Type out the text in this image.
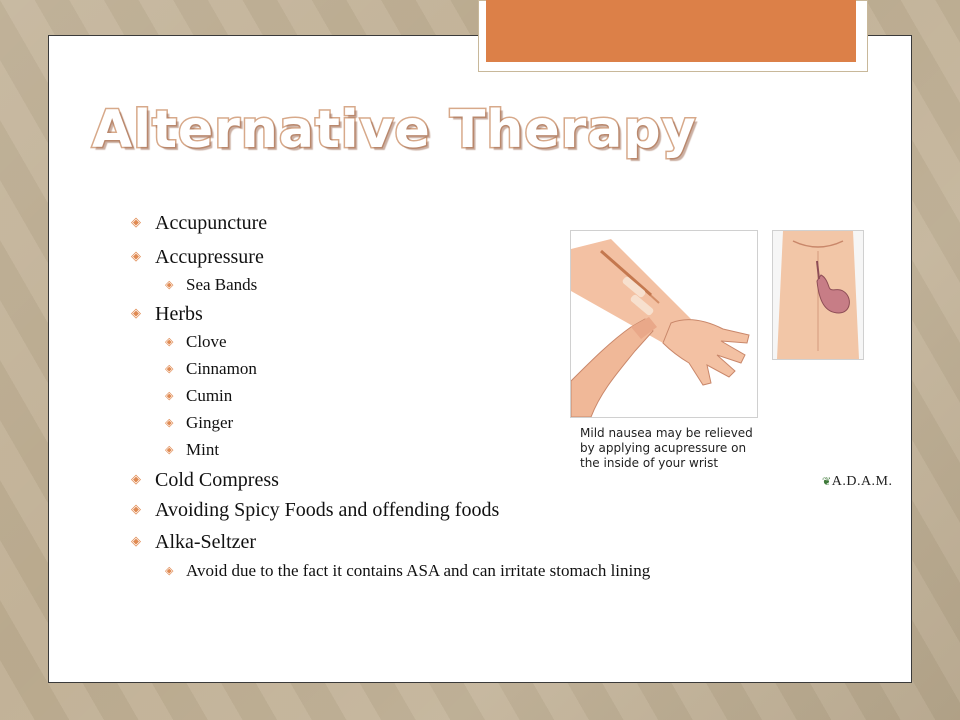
Alternative Therapy
◈ Accupuncture
◈ Accupressure
◈ Sea Bands
◈ Herbs
◈ Clove
◈ Cinnamon
◈ Cumin
◈ Ginger
◈ Mint
◈ Cold Compress
◈ Avoiding Spicy Foods and offending foods
◈ Alka-Seltzer
◈ Avoid due to the fact it contains ASA and can irritate stomach lining
Mild nausea may be relieved
by applying acupressure on
the inside of your wrist
❦A.D.A.M.
